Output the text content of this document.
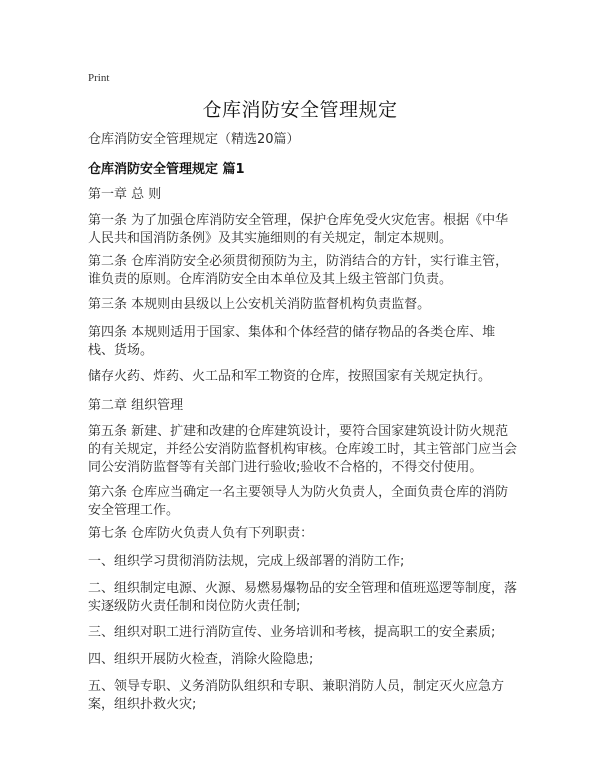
Print
仓库消防安全管理规定

仓库消防安全管理规定（精选20篇）

仓库消防安全管理规定 篇1

第一章 总 则

第一条 为了加强仓库消防安全管理，保护仓库免受火灾危害。根据《中华人民共和国消防条例》及其实施细则的有关规定，制定本规则。

第二条 仓库消防安全必须贯彻预防为主，防消结合的方针，实行谁主管，谁负责的原则。仓库消防安全由本单位及其上级主管部门负责。

第三条 本规则由县级以上公安机关消防监督机构负责监督。

第四条 本规则适用于国家、集体和个体经营的储存物品的各类仓库、堆栈、货场。

储存火药、炸药、火工品和军工物资的仓库，按照国家有关规定执行。

第二章 组织管理

第五条 新建、扩建和改建的仓库建筑设计，要符合国家建筑设计防火规范的有关规定，并经公安消防监督机构审核。仓库竣工时，其主管部门应当会同公安消防监督等有关部门进行验收;验收不合格的，不得交付使用。

第六条 仓库应当确定一名主要领导人为防火负责人，全面负责仓库的消防安全管理工作。

第七条 仓库防火负责人负有下列职责：

一、组织学习贯彻消防法规，完成上级部署的消防工作;

二、组织制定电源、火源、易燃易爆物品的安全管理和值班巡逻等制度，落实逐级防火责任制和岗位防火责任制;

三、组织对职工进行消防宣传、业务培训和考核，提高职工的安全素质;

四、组织开展防火检查，消除火险隐患;

五、领导专职、义务消防队组织和专职、兼职消防人员，制定灭火应急方案，组织扑救火灾;
